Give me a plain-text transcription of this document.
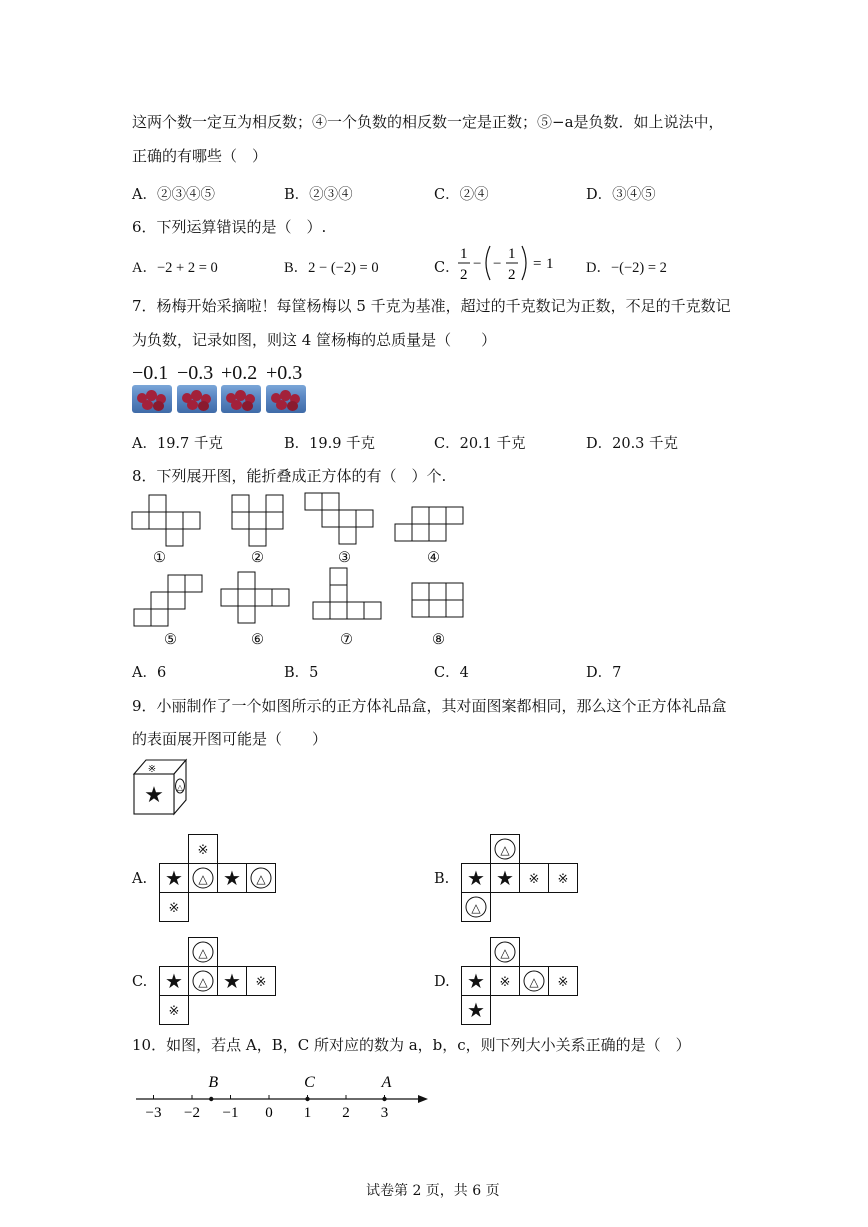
这两个数一定互为相反数；④一个负数的相反数一定是正数；⑤−a是负数．如上说法中，
正确的有哪些（　）
A．②③④⑤	B．②③④	C．②④	D．③④⑤
6．下列运算错误的是（　）.
A．−2 + 2 = 0	B．2 − (−2) = 0	C．
1
2
− −
1
2
= 1 D．−(−2) = 2
7．杨梅开始采摘啦！每筐杨梅以 5 千克为基准，超过的千克数记为正数，不足的千克数记
为负数，记录如图，则这 4 筐杨梅的总质量是（　　）
−0.1 −0.3 +0.2 +0.3
A．19.7 千克	B．19.9 千克	C．20.1 千克	D．20.3 千克
8．下列展开图，能折叠成正方体的有（　）个.
①	②	③	④
⑤	⑥	⑦	⑧
A．6	B．5	C．4	D．7
9．小丽制作了一个如图所示的正方体礼品盒，其对面图案都相同，那么这个正方体礼品盒
的表面展开图可能是（　　）
※
★ △
A.
※
★ △ ★ △
※
B.
△
★ ★ ※ ※
△
C.
△
★ △ ★ ※
※
D.
△
★ ※ △ ※
★
10．如图，若点 A，B，C 所对应的数为 a，b，c，则下列大小关系正确的是（　）
−3 −2 −1 0 1 2 3
B	C	A
试卷第 2 页，共 6 页
